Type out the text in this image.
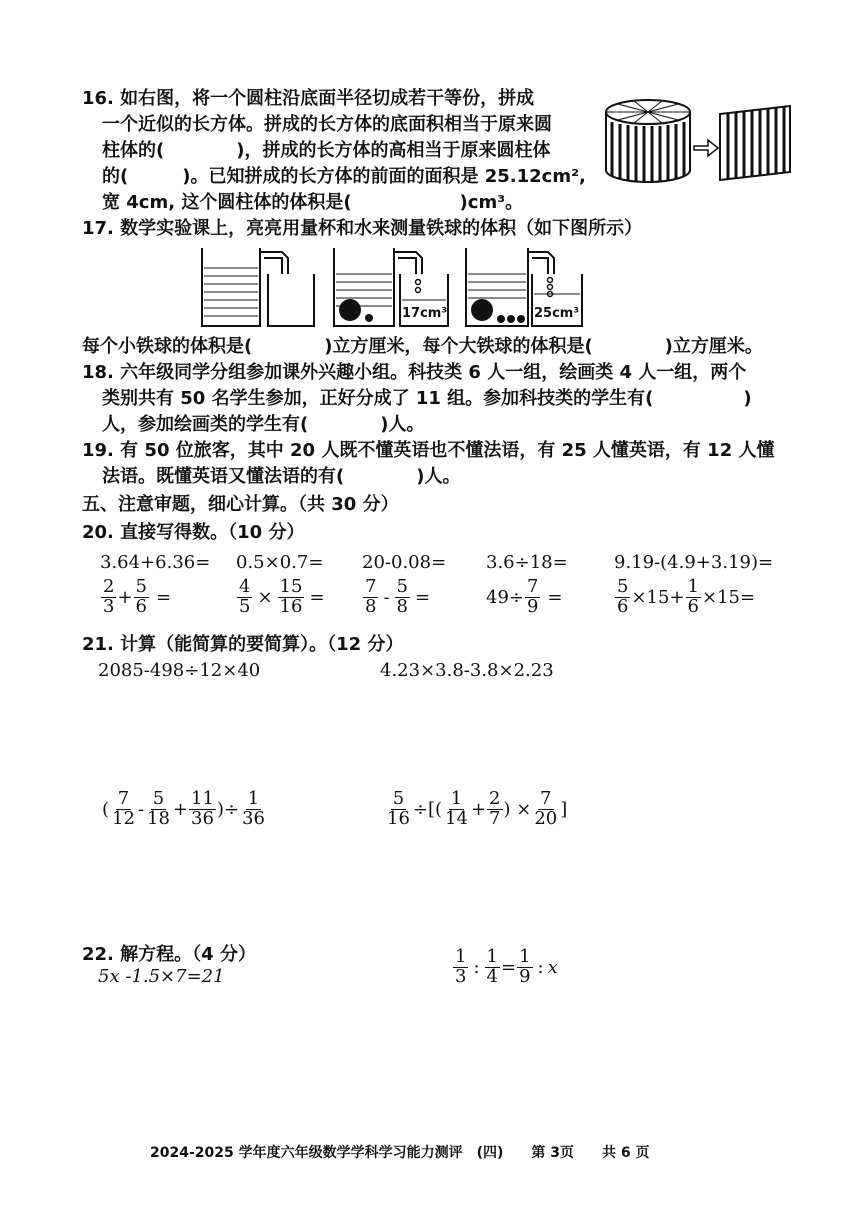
16. 如右图，将一个圆柱沿底面半径切成若干等份，拼成
一个近似的长方体。拼成的长方体的底面积相当于原来圆
柱体的(　　　　)，拼成的长方体的高相当于原来圆柱体
的(　　　)。已知拼成的长方体的前面的面积是 25.12cm²,
宽 4cm, 这个圆柱体的体积是(　　　　　　)cm³。
17. 数学实验课上，亮亮用量杯和水来测量铁球的体积（如下图所示）
17cm³	25cm³
每个小铁球的体积是(　　　　)立方厘米，每个大铁球的体积是(　　　　)立方厘米。
18. 六年级同学分组参加课外兴趣小组。科技类 6 人一组，绘画类 4 人一组，两个
类别共有 50 名学生参加，正好分成了 11 组。参加科技类的学生有(　　　　　)
人，参加绘画类的学生有(　　　　)人。
19. 有 50 位旅客，其中 20 人既不懂英语也不懂法语，有 25 人懂英语，有 12 人懂
法语。既懂英语又懂法语的有(　　　　)人。
五、注意审题，细心计算。（共 30 分）
20. 直接写得数。（10 分）
3.64+6.36= 0.5×0.7= 20-0.08= 3.6÷18=	9.19-(4.9+3.19)=
$\frac{2}{3} + \frac{5}{6}$ =	$\frac{4}{5} \times \frac{15}{16} = \frac{7}{8} - \frac{5}{8}$ =	$49\div \frac{7}{9}$ =	$\frac{5}{6} \times 15+ \frac{1}{6} \times 15=$
21. 计算（能简算的要简算）。（12 分）
2085-498÷12×40	4.23×3.8-3.8×2.23
( $\frac{7}{12} - \frac{5}{18} + \frac{11}{36}$ )÷ $\frac{1}{36}$	$\frac{5}{16}$ ÷[( $\frac{1}{14} + \frac{2}{7}$ ) × $\frac{7}{20}$ ]
22. 解方程。（4 分）
5x -1.5×7=21	$\frac{1}{3}$ : $\frac{1}{4} = \frac{1}{9}$ : x
2024-2025 学年度六年级数学学科学习能力测评　(四)　　第 3页　　共 6 页
